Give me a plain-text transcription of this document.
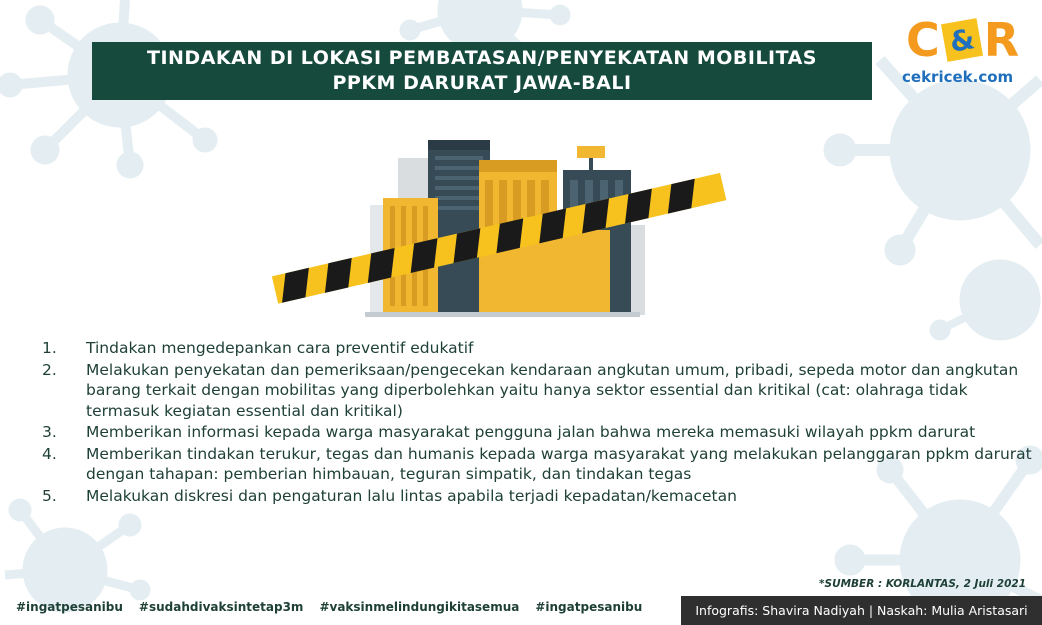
TINDAKAN DI LOKASI PEMBATASAN/PENYEKATAN MOBILITAS
PPKM DARURAT JAWA-BALI
C & R
cekricek.com
1.	Tindakan mengedepankan cara preventif edukatif
2.	Melakukan penyekatan dan pemeriksaan/pengecekan kendaraan angkutan umum, pribadi, sepeda motor dan angkutan barang terkait dengan mobilitas yang diperbolehkan yaitu hanya sektor essential dan kritikal (cat: olahraga tidak termasuk kegiatan essential dan kritikal)
3.	Memberikan informasi kepada warga masyarakat pengguna jalan bahwa mereka memasuki wilayah ppkm darurat
4.	Memberikan tindakan terukur, tegas dan humanis kepada warga masyarakat yang melakukan pelanggaran ppkm darurat dengan tahapan: pemberian himbauan, teguran simpatik, dan tindakan tegas
5.	Melakukan diskresi dan pengaturan lalu lintas apabila terjadi kepadatan/kemacetan
*SUMBER : KORLANTAS, 2 Juli 2021
#ingatpesanibu #sudahdivaksintetap3m #vaksinmelindungikitasemua #ingatpesanibu	Infografis: Shavira Nadiyah | Naskah: Mulia Aristasari
